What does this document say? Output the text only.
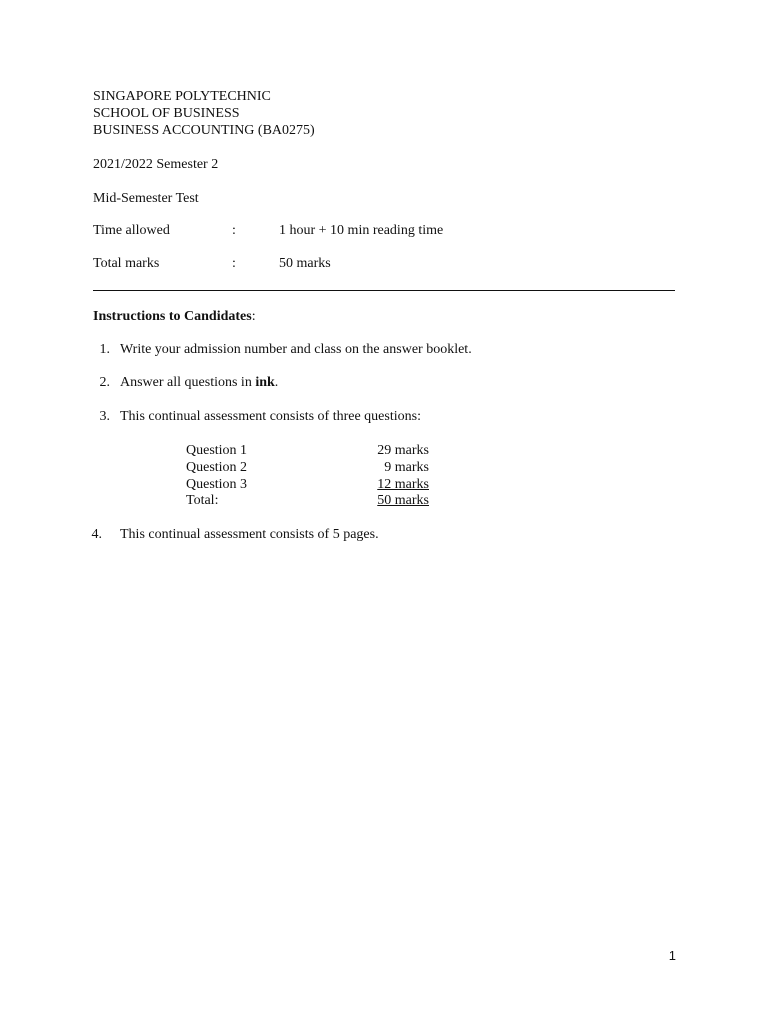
SINGAPORE POLYTECHNIC
SCHOOL OF BUSINESS
BUSINESS ACCOUNTING (BA0275)
2021/2022 Semester 2
Mid-Semester Test
Time allowed	:	1 hour + 10 min reading time
Total marks	:	50 marks
Instructions to Candidates:
1. Write your admission number and class on the answer booklet.
2. Answer all questions in ink.
3. This continual assessment consists of three questions:
Question 1	29 marks
Question 2	9 marks
Question 3	12 marks
Total:	50 marks
4. This continual assessment consists of 5 pages.
1
